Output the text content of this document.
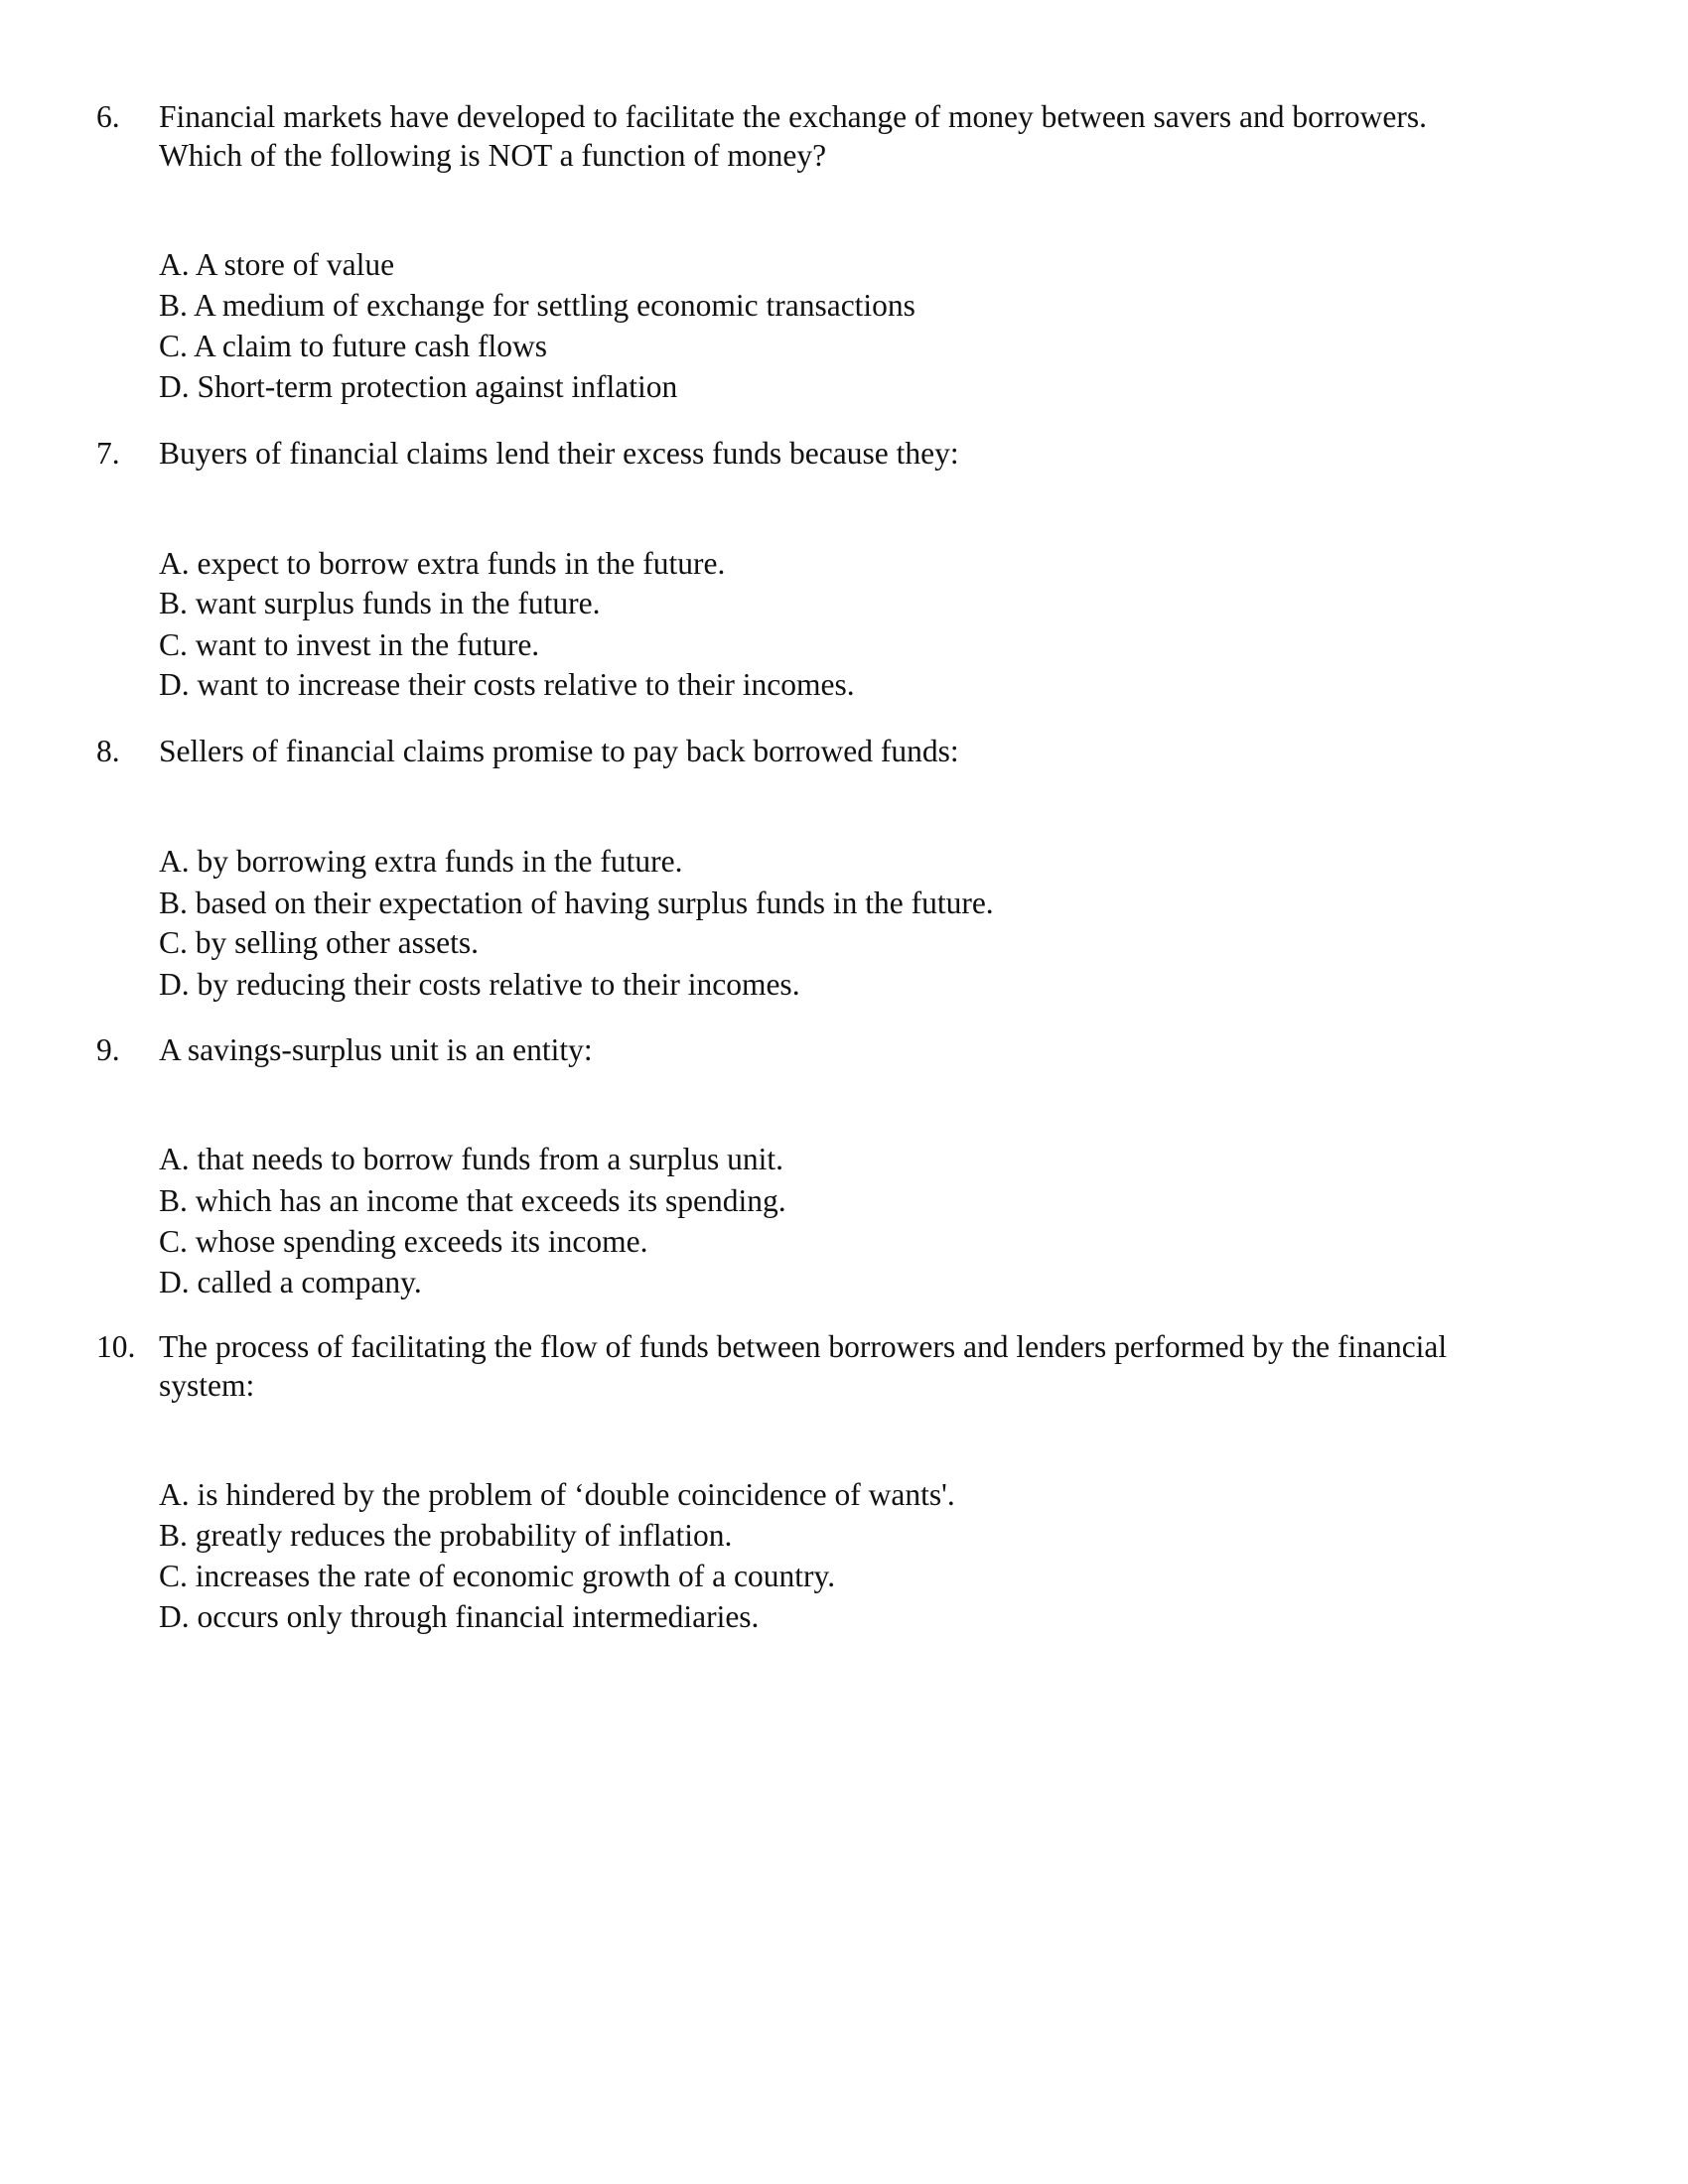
6. Financial markets have developed to facilitate the exchange of money between savers and borrowers.
Which of the following is NOT a function of money?
A. A store of value
B. A medium of exchange for settling economic transactions
C. A claim to future cash flows
D. Short-term protection against inflation
7. Buyers of financial claims lend their excess funds because they:
A. expect to borrow extra funds in the future.
B. want surplus funds in the future.
C. want to invest in the future.
D. want to increase their costs relative to their incomes.
8. Sellers of financial claims promise to pay back borrowed funds:
A. by borrowing extra funds in the future.
B. based on their expectation of having surplus funds in the future.
C. by selling other assets.
D. by reducing their costs relative to their incomes.
9. A savings-surplus unit is an entity:
A. that needs to borrow funds from a surplus unit.
B. which has an income that exceeds its spending.
C. whose spending exceeds its income.
D. called a company.
10. The process of facilitating the flow of funds between borrowers and lenders performed by the financial
system:
A. is hindered by the problem of ‘double coincidence of wants'.
B. greatly reduces the probability of inflation.
C. increases the rate of economic growth of a country.
D. occurs only through financial intermediaries.
